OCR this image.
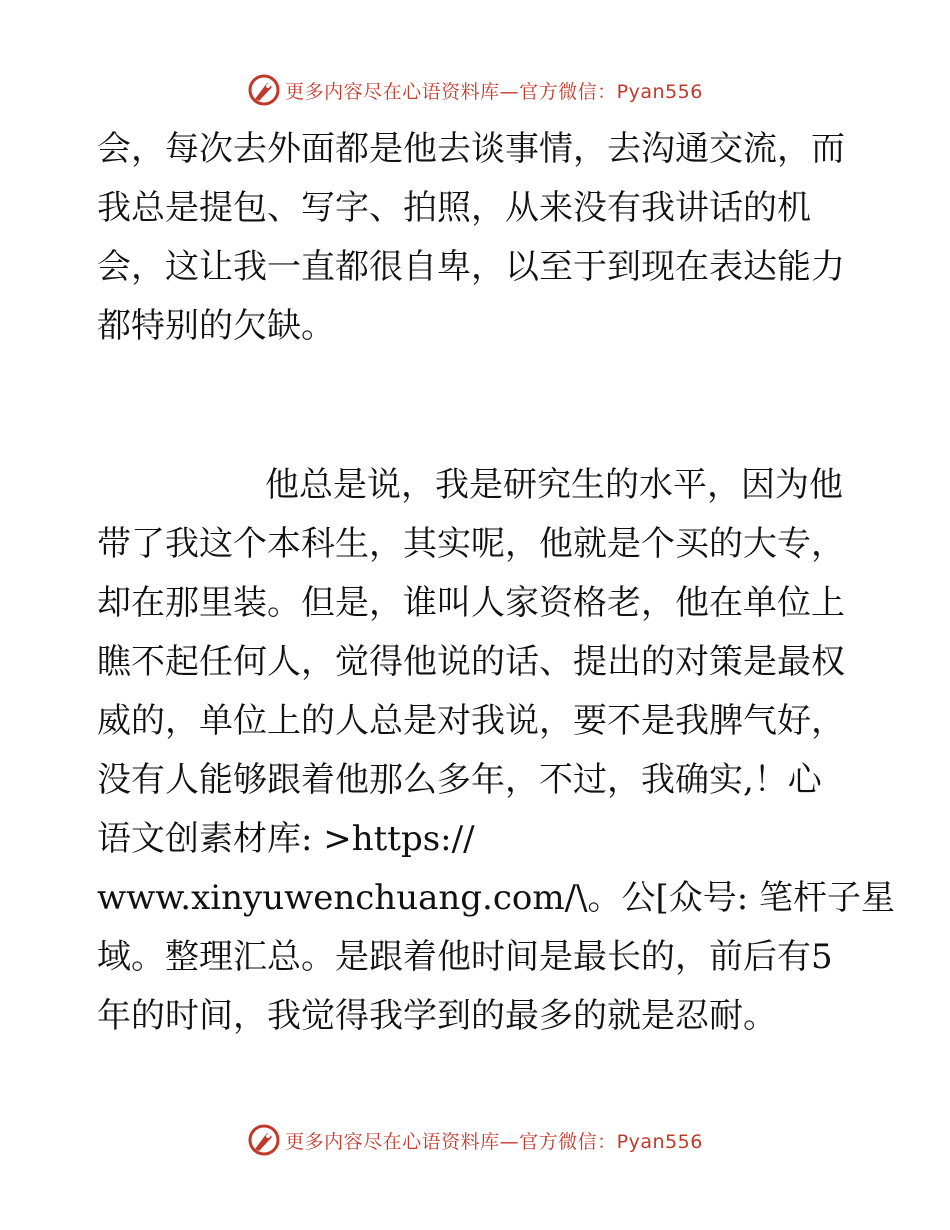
更多内容尽在心语资料库—官方微信：Pyan556
会，每次去外面都是他去谈事情，去沟通交流，而
我总是提包、写字、拍照，从来没有我讲话的机
会，这让我一直都很自卑，以至于到现在表达能力
都特别的欠缺。
他总是说，我是研究生的水平，因为他
带了我这个本科生，其实呢，他就是个买的大专，
却在那里装。但是，谁叫人家资格老，他在单位上
瞧不起任何人，觉得他说的话、提出的对策是最权
威的，单位上的人总是对我说，要不是我脾气好，
没有人能够跟着他那么多年，不过，我确实,！心
语文创素材库: >https://
www.xinyuwenchuang.com/\。公[众号: 笔杆子星
域。整理汇总。是跟着他时间是最长的，前后有5
年的时间，我觉得我学到的最多的就是忍耐。
更多内容尽在心语资料库—官方微信：Pyan556
